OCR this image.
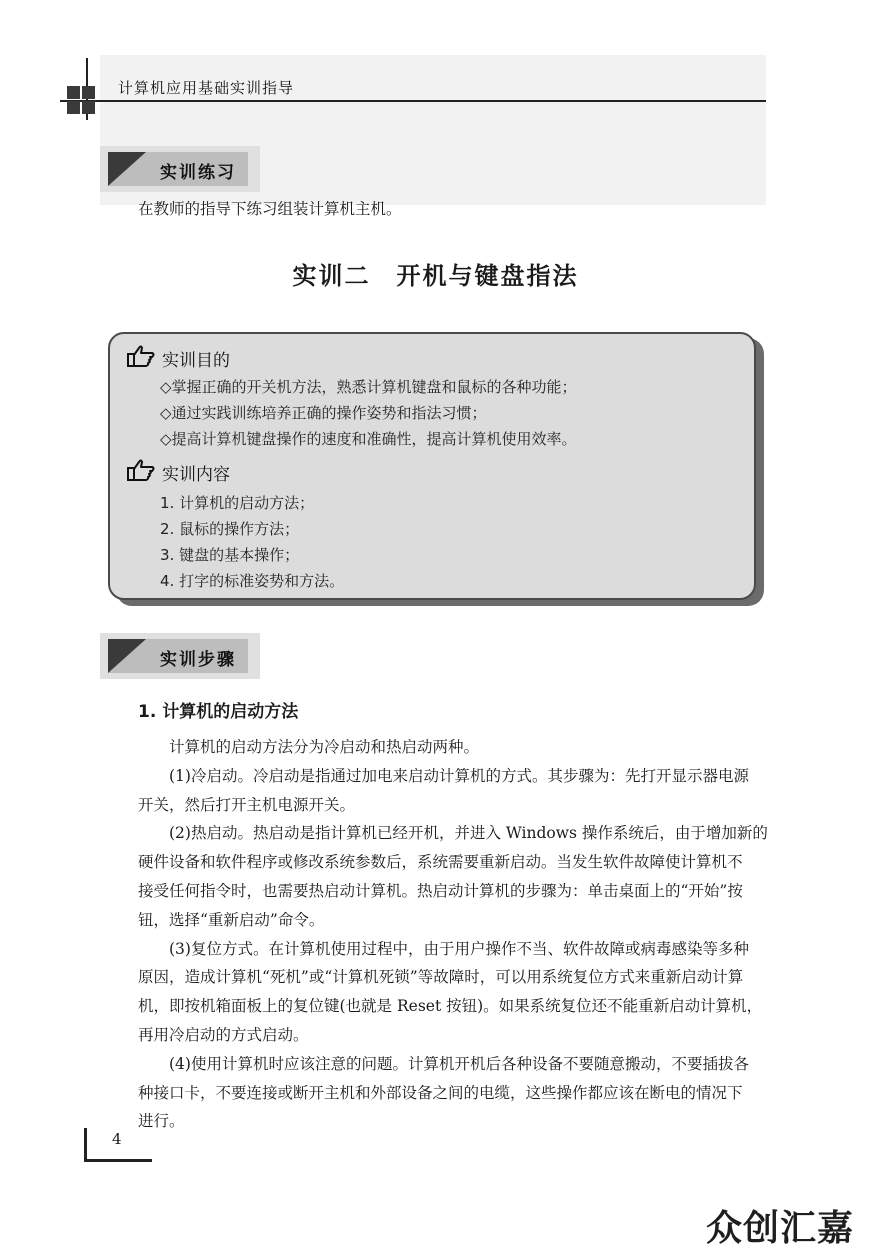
计算机应用基础实训指导
实训练习
在教师的指导下练习组装计算机主机。
实训二　开机与键盘指法
实训目的
◇掌握正确的开关机方法，熟悉计算机键盘和鼠标的各种功能；
◇通过实践训练培养正确的操作姿势和指法习惯；
◇提高计算机键盘操作的速度和准确性，提高计算机使用效率。
实训内容
1. 计算机的启动方法；
2. 鼠标的操作方法；
3. 键盘的基本操作；
4. 打字的标准姿势和方法。
实训步骤
1. 计算机的启动方法

　　计算机的启动方法分为冷启动和热启动两种。

　　(1)冷启动。冷启动是指通过加电来启动计算机的方式。其步骤为：先打开显示器电源

开关，然后打开主机电源开关。

　　(2)热启动。热启动是指计算机已经开机，并进入 Windows 操作系统后，由于增加新的

硬件设备和软件程序或修改系统参数后，系统需要重新启动。当发生软件故障使计算机不

接受任何指令时，也需要热启动计算机。热启动计算机的步骤为：单击桌面上的“开始”按

钮，选择“重新启动”命令。

　　(3)复位方式。在计算机使用过程中，由于用户操作不当、软件故障或病毒感染等多种

原因，造成计算机“死机”或“计算机死锁”等故障时，可以用系统复位方式来重新启动计算

机，即按机箱面板上的复位键(也就是 Reset 按钮)。如果系统复位还不能重新启动计算机，

再用冷启动的方式启动。

　　(4)使用计算机时应该注意的问题。计算机开机后各种设备不要随意搬动，不要插拔各

种接口卡，不要连接或断开主机和外部设备之间的电缆，这些操作都应该在断电的情况下

进行。

4
众创汇嘉
